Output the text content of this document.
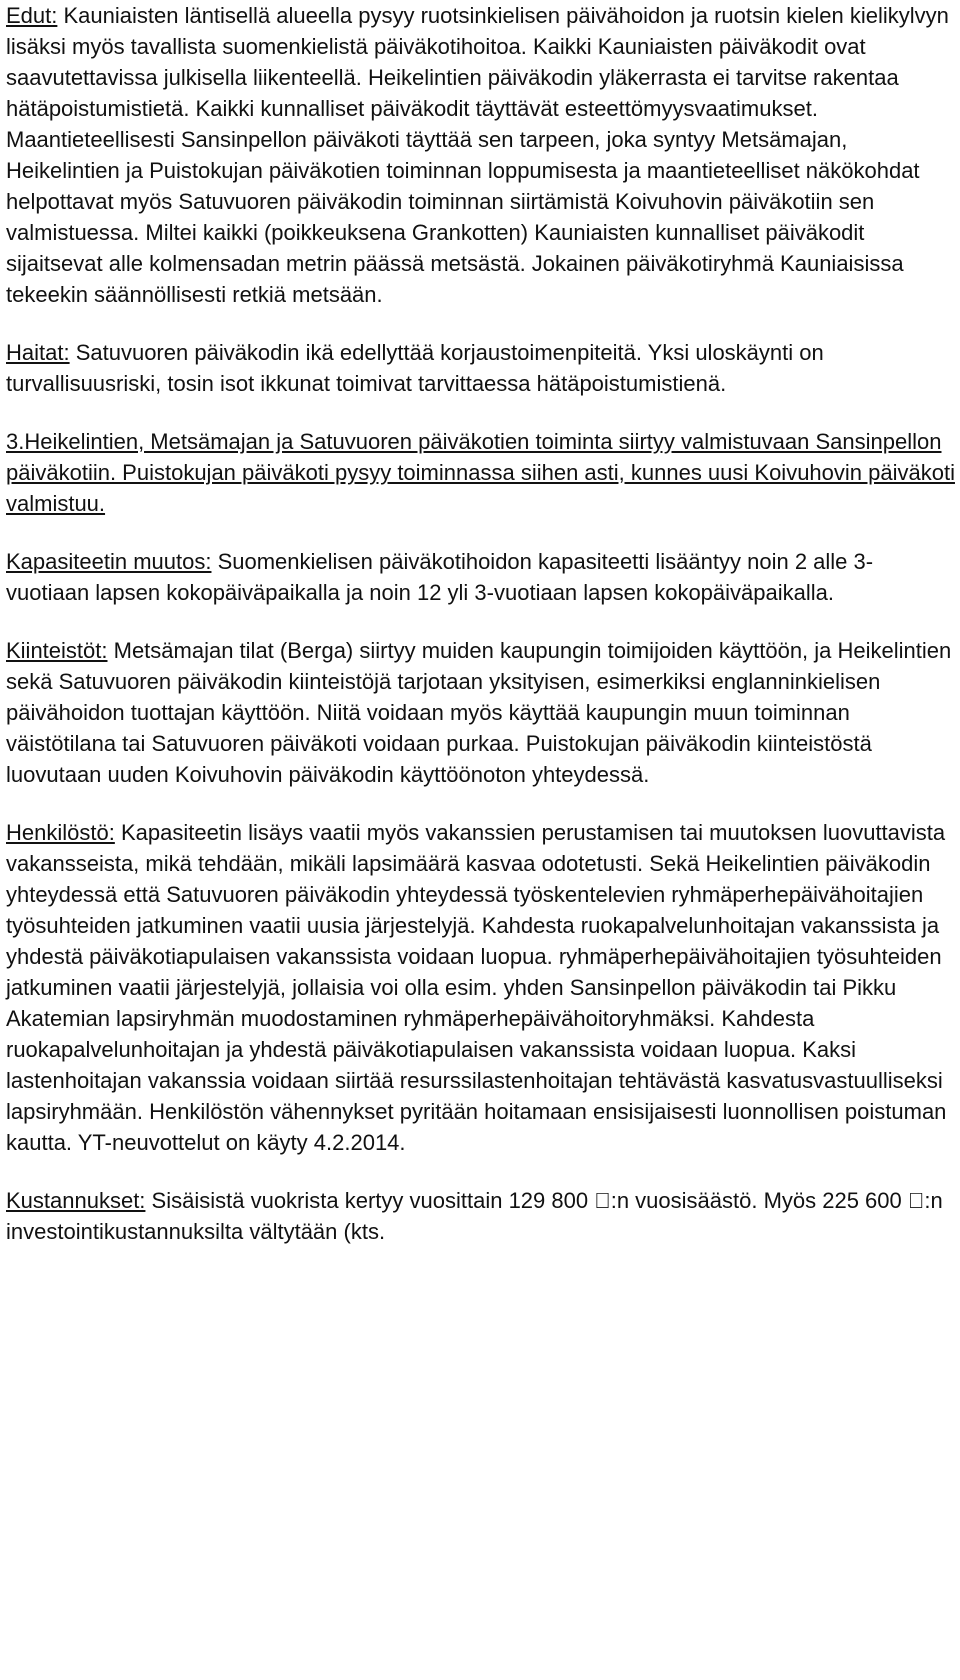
Edut: Kauniaisten läntisellä alueella pysyy ruotsinkielisen päivähoidon ja ruotsin kielen kielikylvyn lisäksi myös tavallista suomenkielistä päiväkotihoitoa. Kaikki Kauniaisten päiväkodit ovat saavutettavissa julkisella liikenteellä. Heikelintien päiväkodin yläkerrasta ei tarvitse rakentaa hätäpoistumistietä. Kaikki kunnalliset päiväkodit täyttävät esteettömyysvaatimukset. Maantieteellisesti Sansinpellon päiväkoti täyttää sen tarpeen, joka syntyy Metsämajan, Heikelintien ja Puistokujan päiväkotien toiminnan loppumisesta ja maantieteelliset näkökohdat helpottavat myös Satuvuoren päiväkodin toiminnan siirtämistä Koivuhovin päiväkotiin sen valmistuessa. Miltei kaikki (poikkeuksena Grankotten) Kauniaisten kunnalliset päiväkodit sijaitsevat alle kolmensadan metrin päässä metsästä. Jokainen päiväkotiryhmä Kauniaisissa tekeekin säännöllisesti retkiä metsään.

Haitat: Satuvuoren päiväkodin ikä edellyttää korjaustoimenpiteitä. Yksi uloskäynti on turvallisuusriski, tosin isot ikkunat toimivat tarvittaessa hätäpoistumistienä.

3.Heikelintien, Metsämajan ja Satuvuoren päiväkotien toiminta siirtyy valmistuvaan Sansinpellon päiväkotiin. Puistokujan päiväkoti pysyy toiminnassa siihen asti, kunnes uusi Koivuhovin päiväkoti valmistuu.

Kapasiteetin muutos: Suomenkielisen päiväkotihoidon kapasiteetti lisääntyy noin 2 alle 3-vuotiaan lapsen kokopäiväpaikalla ja noin 12 yli 3-vuotiaan lapsen kokopäiväpaikalla.

Kiinteistöt: Metsämajan tilat (Berga) siirtyy muiden kaupungin toimijoiden käyttöön, ja Heikelintien sekä Satuvuoren päiväkodin kiinteistöjä tarjotaan yksityisen, esimerkiksi englanninkielisen päivähoidon tuottajan käyttöön. Niitä voidaan myös käyttää kaupungin muun toiminnan väistötilana tai Satuvuoren päiväkoti voidaan purkaa. Puistokujan päiväkodin kiinteistöstä luovutaan uuden Koivuhovin päiväkodin käyttöönoton yhteydessä.

Henkilöstö: Kapasiteetin lisäys vaatii myös vakanssien perustamisen tai muutoksen luovuttavista vakansseista, mikä tehdään, mikäli lapsimäärä kasvaa odotetusti. Sekä Heikelintien päiväkodin yhteydessä että Satuvuoren päiväkodin yhteydessä työskentelevien ryhmäperhepäivähoitajien työsuhteiden jatkuminen vaatii uusia järjestelyjä. Kahdesta ruokapalvelunhoitajan vakanssista ja yhdestä päiväkotiapulaisen vakanssista voidaan luopua. ryhmäperhepäivähoitajien työsuhteiden jatkuminen vaatii järjestelyjä, jollaisia voi olla esim. yhden Sansinpellon päiväkodin tai Pikku Akatemian lapsiryhmän muodostaminen ryhmäperhepäivähoitoryhmäksi. Kahdesta ruokapalvelunhoitajan ja yhdestä päiväkotiapulaisen vakanssista voidaan luopua. Kaksi lastenhoitajan vakanssia voidaan siirtää resurssilastenhoitajan tehtävästä kasvatusvastuulliseksi lapsiryhmään. Henkilöstön vähennykset pyritään hoitamaan ensisijaisesti luonnollisen poistuman kautta. YT-neuvottelut on käyty 4.2.2014.

Kustannukset: Sisäisistä vuokrista kertyy vuosittain 129 800 :n vuosisäästö. Myös 225 600 :n investointikustannuksilta vältytään (kts.
